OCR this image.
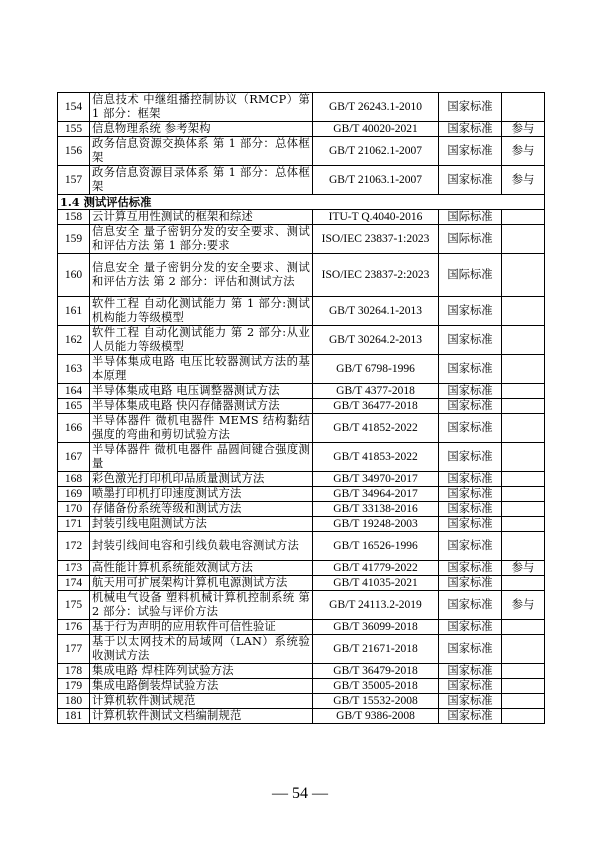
154	信息技术 中继组播控制协议（RMCP）第 1 部分：框架	GB/T 26243.1-2010	国家标准	
155	信息物理系统 参考架构	GB/T 40020-2021	国家标准	参与
156	政务信息资源交换体系 第 1 部分：总体框架	GB/T 21062.1-2007	国家标准	参与
157	政务信息资源目录体系 第 1 部分：总体框架	GB/T 21063.1-2007	国家标准	参与
1.4 测试评估标准				
158	云计算互用性测试的框架和综述	ITU-T Q.4040-2016	国际标准	
159	信息安全 量子密钥分发的安全要求、测试和评估方法 第 1 部分:要求	ISO/IEC 23837-1:2023	国际标准	
160	信息安全 量子密钥分发的安全要求、测试和评估方法 第 2 部分：评估和测试方法	ISO/IEC 23837-2:2023	国际标准	
161	软件工程 自动化测试能力 第 1 部分:测试机构能力等级模型	GB/T 30264.1-2013	国家标准	
162	软件工程 自动化测试能力 第 2 部分:从业人员能力等级模型	GB/T 30264.2-2013	国家标准	
163	半导体集成电路 电压比较器测试方法的基本原理	GB/T 6798-1996	国家标准	
164	半导体集成电路 电压调整器测试方法	GB/T 4377-2018	国家标准	
165	半导体集成电路 快闪存储器测试方法	GB/T 36477-2018	国家标准	
166	半导体器件 微机电器件 MEMS 结构黏结强度的弯曲和剪切试验方法	GB/T 41852-2022	国家标准	
167	半导体器件 微机电器件 晶圆间键合强度测量	GB/T 41853-2022	国家标准	
168	彩色激光打印机印品质量测试方法	GB/T 34970-2017	国家标准	
169	喷墨打印机打印速度测试方法	GB/T 34964-2017	国家标准	
170	存储备份系统等级和测试方法	GB/T 33138-2016	国家标准	
171	封装引线电阻测试方法	GB/T 19248-2003	国家标准	
172	封装引线间电容和引线负载电容测试方法	GB/T 16526-1996	国家标准	
173	高性能计算机系统能效测试方法	GB/T 41779-2022	国家标准	参与
174	航天用可扩展架构计算机电源测试方法	GB/T 41035-2021	国家标准	
175	机械电气设备 塑料机械计算机控制系统 第 2 部分：试验与评价方法	GB/T 24113.2-2019	国家标准	参与
176	基于行为声明的应用软件可信性验证	GB/T 36099-2018	国家标准	
177	基于以太网技术的局域网（LAN）系统验收测试方法	GB/T 21671-2018	国家标准	
178	集成电路 焊柱阵列试验方法	GB/T 36479-2018	国家标准	
179	集成电路倒装焊试验方法	GB/T 35005-2018	国家标准	
180	计算机软件测试规范	GB/T 15532-2008	国家标准	
181	计算机软件测试文档编制规范	GB/T 9386-2008	国家标准	
— 54 —
